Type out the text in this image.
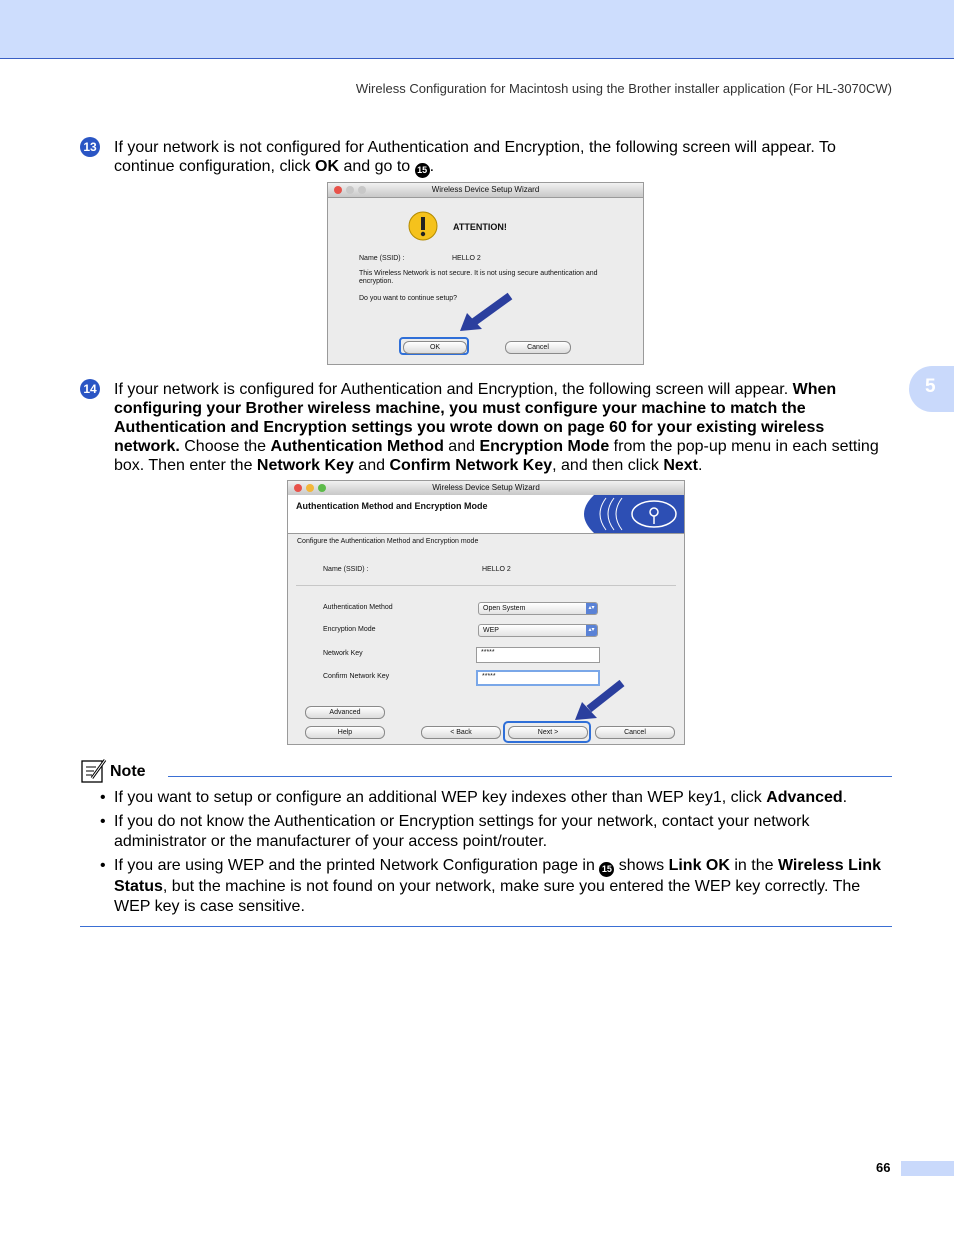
Wireless Configuration for Macintosh using the Brother installer application (For HL-3070CW)
5
13 If your network is not configured for Authentication and Encryption, the following screen will appear. To continue configuration, click OK and go to 15 .
Wireless Device Setup Wizard
ATTENTION!
Name (SSID) :	HELLO 2
This Wireless Network is not secure. It is not using secure authentication and encryption.
Do you want to continue setup?
OK	Cancel
14 If your network is configured for Authentication and Encryption, the following screen will appear. When configuring your Brother wireless machine, you must configure your machine to match the Authentication and Encryption settings you wrote down on page 60 for your existing wireless network. Choose the Authentication Method and Encryption Mode from the pop-up menu in each setting box. Then enter the Network Key and Confirm Network Key, and then click Next.
Wireless Device Setup Wizard
Authentication Method and Encryption Mode
Configure the Authentication Method and Encryption mode
Name (SSID) :	HELLO 2
Authentication Method	Open System	▴▾
Encryption Mode	WEP	▴▾
Network Key	*****
Confirm Network Key	*****
Advanced
Help	< Back	Next >	Cancel
Note
• If you want to setup or configure an additional WEP key indexes other than WEP key1, click Advanced.
• If you do not know the Authentication or Encryption settings for your network, contact your network administrator or the manufacturer of your access point/router.
• If you are using WEP and the printed Network Configuration page in 15 shows Link OK in the Wireless Link Status, but the machine is not found on your network, make sure you entered the WEP key correctly. The WEP key is case sensitive.
66
